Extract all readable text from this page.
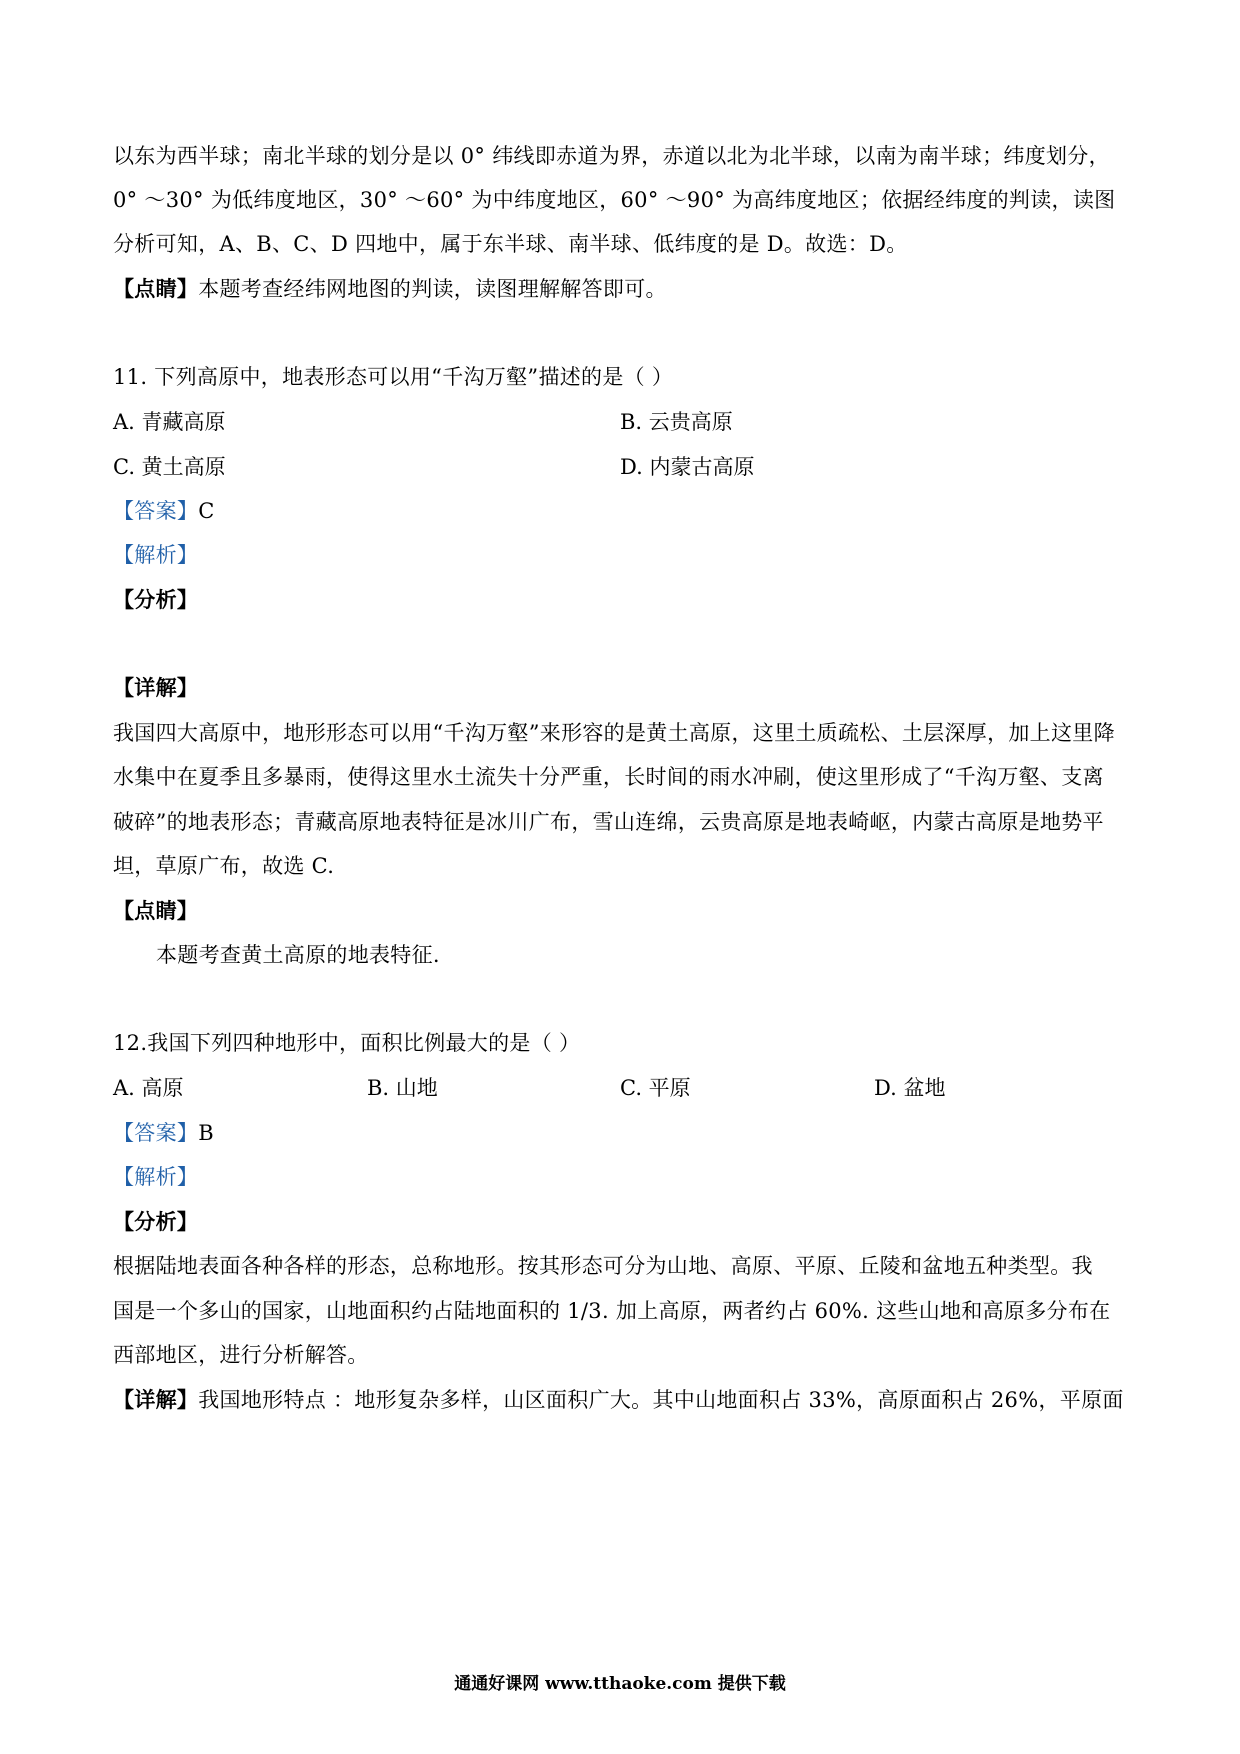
以东为西半球；南北半球的划分是以 0° 纬线即赤道为界，赤道以北为北半球，以南为南半球；纬度划分，
0° ～30° 为低纬度地区，30° ～60° 为中纬度地区，60° ～90° 为高纬度地区；依据经纬度的判读，读图
分析可知，A、B、C、D 四地中，属于东半球、南半球、低纬度的是 D。故选：D。
【点睛】本题考查经纬网地图的判读，读图理解解答即可。
11. 下列高原中，地表形态可以用“千沟万壑”描述的是（ ）
A. 青藏高原	B. 云贵高原
C. 黄土高原	D. 内蒙古高原
【答案】C
【解析】
【分析】
【详解】
我国四大高原中，地形形态可以用“千沟万壑”来形容的是黄土高原，这里土质疏松、土层深厚，加上这里降
水集中在夏季且多暴雨，使得这里水土流失十分严重，长时间的雨水冲刷，使这里形成了“千沟万壑、支离
破碎”的地表形态；青藏高原地表特征是冰川广布，雪山连绵，云贵高原是地表崎岖，内蒙古高原是地势平
坦，草原广布，故选 C.
【点睛】
本题考查黄土高原的地表特征.
12.我国下列四种地形中，面积比例最大的是（ ）
A. 高原	B. 山地	C. 平原	D. 盆地
【答案】B
【解析】
【分析】
根据陆地表面各种各样的形态，总称地形。按其形态可分为山地、高原、平原、丘陵和盆地五种类型。我
国是一个多山的国家，山地面积约占陆地面积的 1/3. 加上高原，两者约占 60%. 这些山地和高原多分布在
西部地区，进行分析解答。
【详解】我国地形特点 ：地形复杂多样，山区面积广大。其中山地面积占 33%，高原面积占 26%，平原面
通通好课网 www.tthaoke.com 提供下载
